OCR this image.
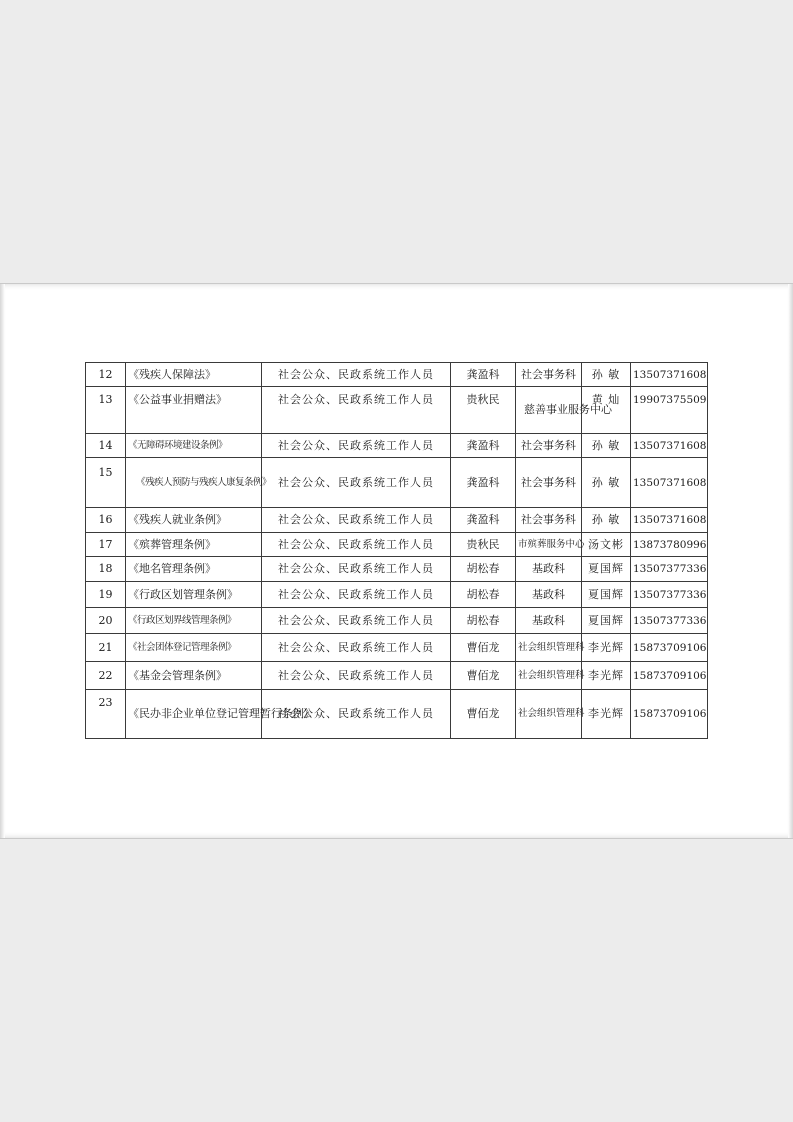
12	《残疾人保障法》	社会公众、民政系统工作人员	龚盈科	社会事务科	孙 敏	13507371608
13	《公益事业捐赠法》	社会公众、民政系统工作人员	贵秋民	慈善事业服务中心	黄 灿	19907375509
14	《无障碍环境建设条例》	社会公众、民政系统工作人员	龚盈科	社会事务科	孙 敏	13507371608
15	《残疾人预防与残疾人康复条例》	社会公众、民政系统工作人员	龚盈科	社会事务科	孙 敏	13507371608
16	《残疾人就业条例》	社会公众、民政系统工作人员	龚盈科	社会事务科	孙 敏	13507371608
17	《殡葬管理条例》	社会公众、民政系统工作人员	贵秋民	市殡葬服务中心	汤文彬	13873780996
18	《地名管理条例》	社会公众、民政系统工作人员	胡松春	基政科	夏国辉	13507377336
19	《行政区划管理条例》	社会公众、民政系统工作人员	胡松春	基政科	夏国辉	13507377336
20	《行政区划界线管理条例》	社会公众、民政系统工作人员	胡松春	基政科	夏国辉	13507377336
21	《社会团体登记管理条例》	社会公众、民政系统工作人员	曹佰龙	社会组织管理科	李光辉	15873709106
22	《基金会管理条例》	社会公众、民政系统工作人员	曹佰龙	社会组织管理科	李光辉	15873709106
23	《民办非企业单位登记管理暂行条例》	社会公众、民政系统工作人员	曹佰龙	社会组织管理科	李光辉	15873709106
